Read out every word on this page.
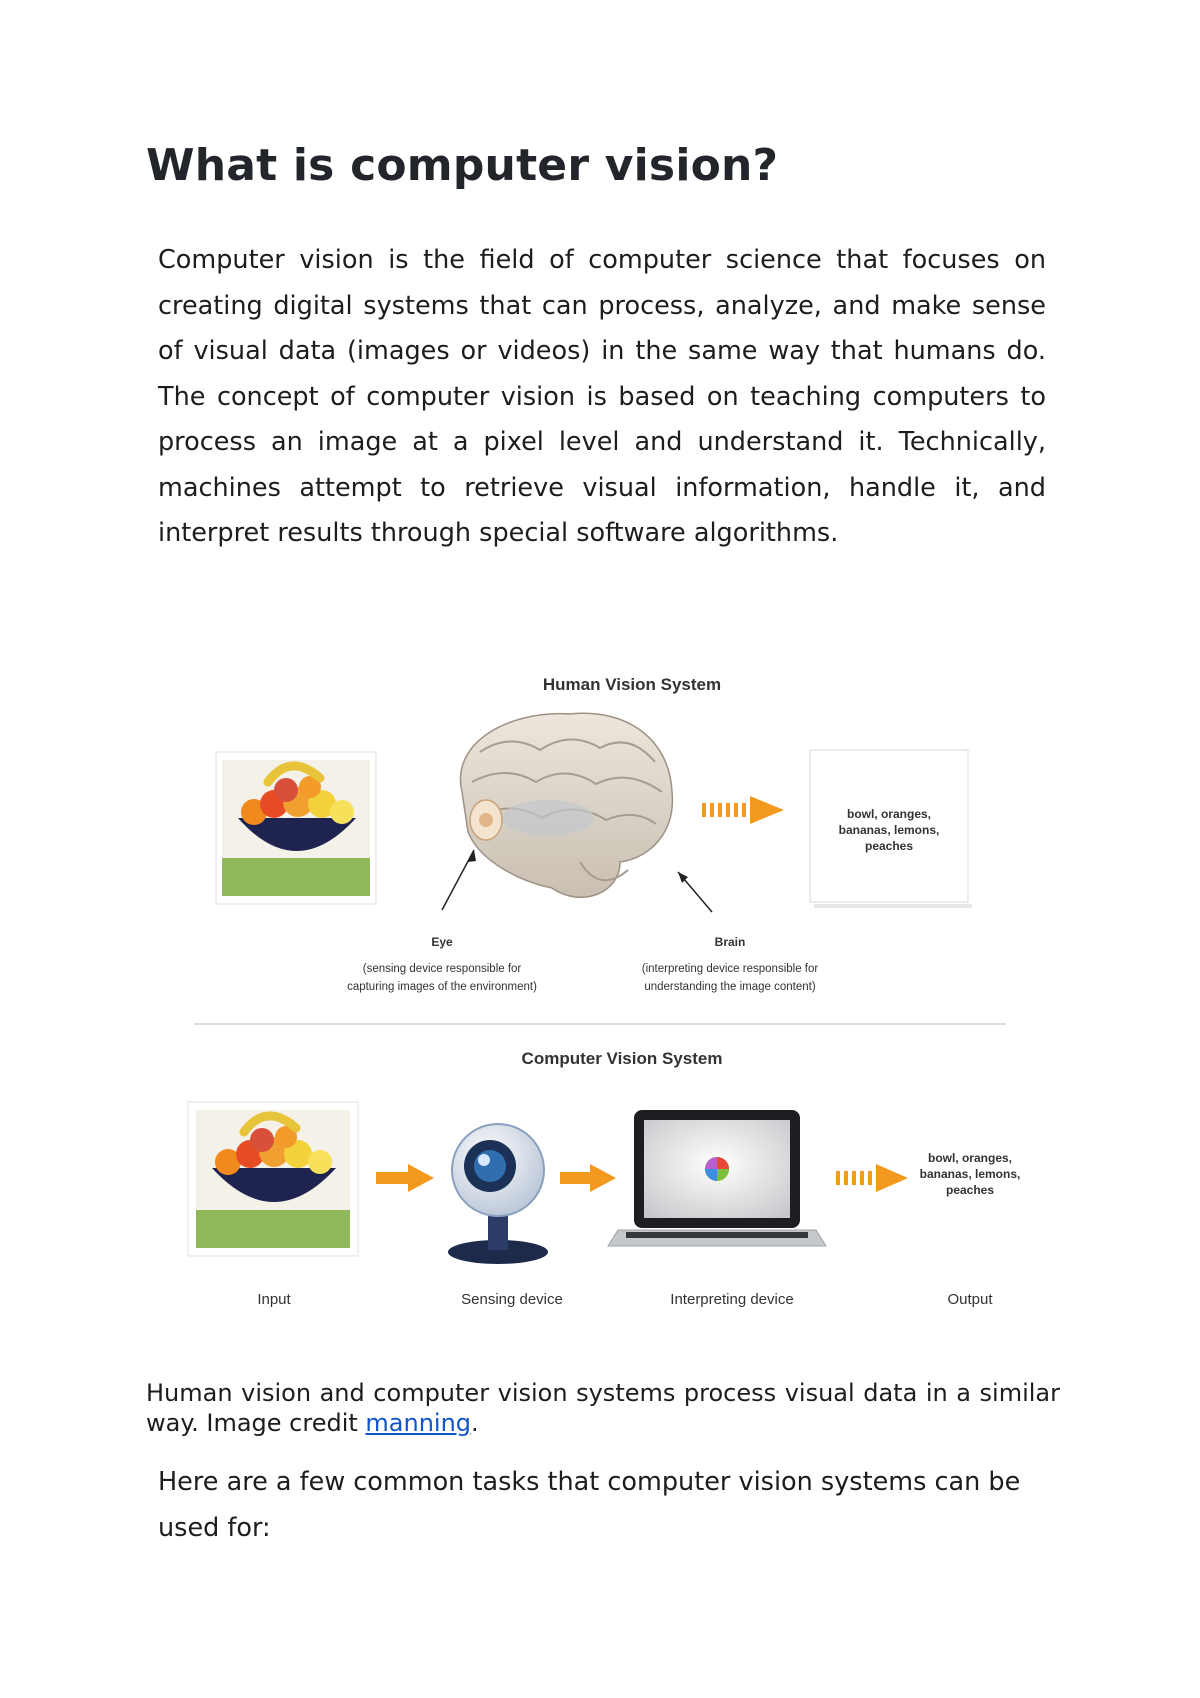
What is computer vision?

Computer vision is the field of computer science that focuses on creating digital systems that can process, analyze, and make sense of visual data (images or videos) in the same way that humans do. The concept of computer vision is based on teaching computers to process an image at a pixel level and understand it. Technically, machines attempt to retrieve visual information, handle it, and interpret results through special software algorithms.

Human Vision System
bowl, oranges,
bananas, lemons,
peaches
Eye
(sensing device responsible for
capturing images of the environment)
Brain
(interpreting device responsible for
understanding the image content)
Computer Vision System
bowl, oranges,
bananas, lemons,
peaches
Input	Sensing device	Interpreting device	Output

Human vision and computer vision systems process visual data in a similar way. Image credit manning.

Here are a few common tasks that computer vision systems can be used for:
